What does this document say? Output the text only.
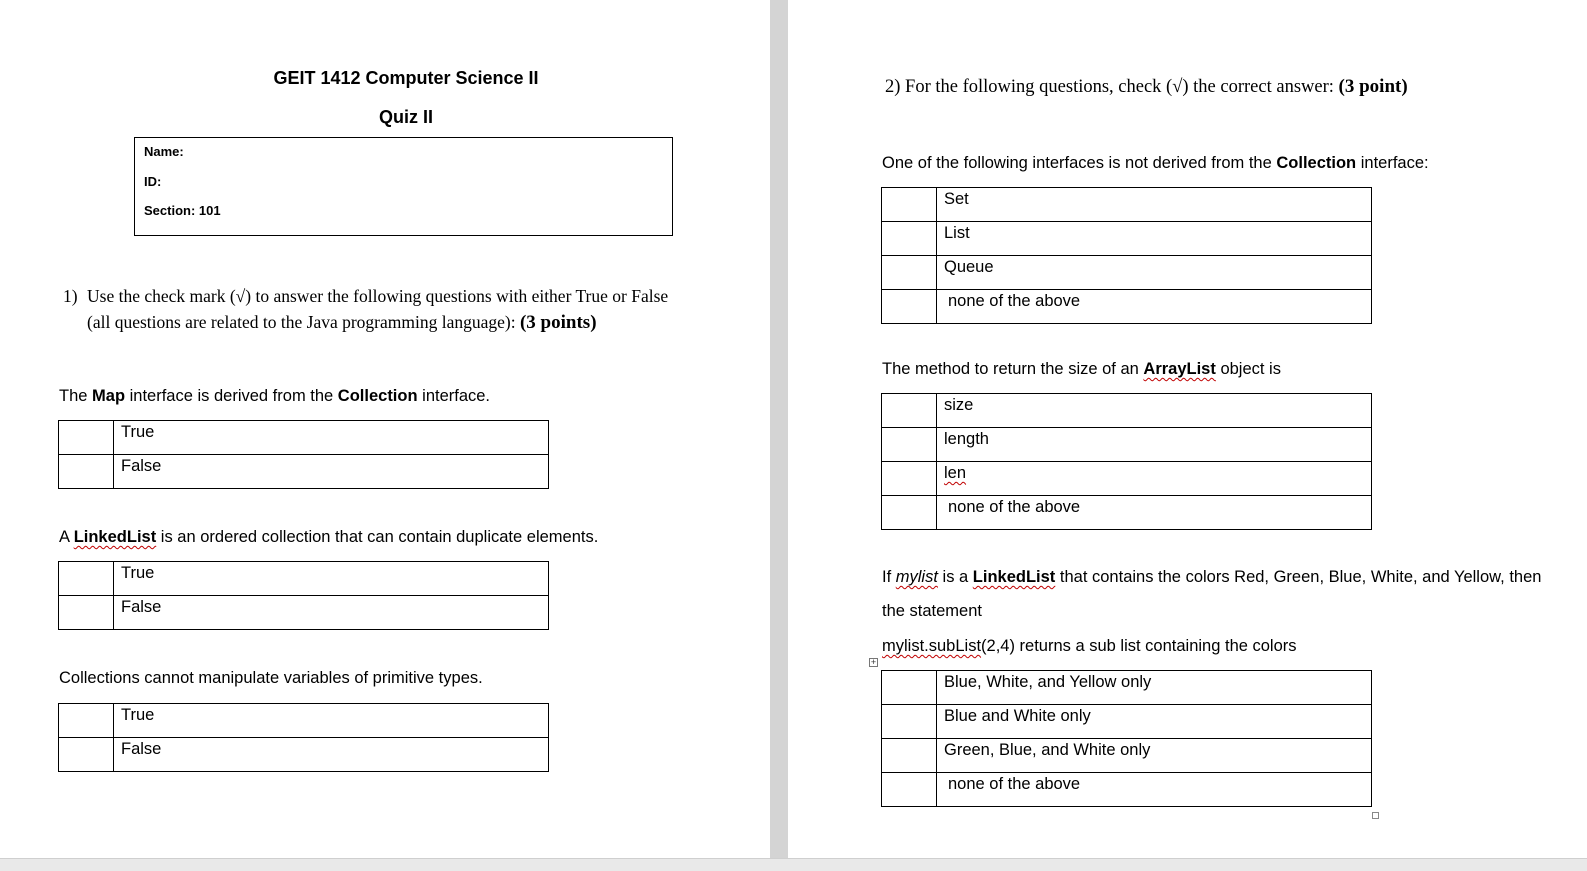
GEIT 1412 Computer Science II
Quiz II
Name:
ID:
Section: 101
1) Use the check mark (√) to answer the following questions with either True or False
(all questions are related to the Java programming language): (3 points)
The Map interface is derived from the Collection interface.
	True
	False
A LinkedList is an ordered collection that can contain duplicate elements.
	True
	False
Collections cannot manipulate variables of primitive types.
	True
	False
2) For the following questions, check (√) the correct answer: (3 point)
One of the following interfaces is not derived from the Collection interface:
	Set
	List
	Queue
	none of the above
The method to return the size of an ArrayList object is
	size
	length
	len
	none of the above
If mylist is a LinkedList that contains the colors Red, Green, Blue, White, and Yellow, then
the statement
mylist.subList(2,4) returns a sub list containing the colors
+
	Blue, White, and Yellow only
	Blue and White only
	Green, Blue, and White only
	none of the above
